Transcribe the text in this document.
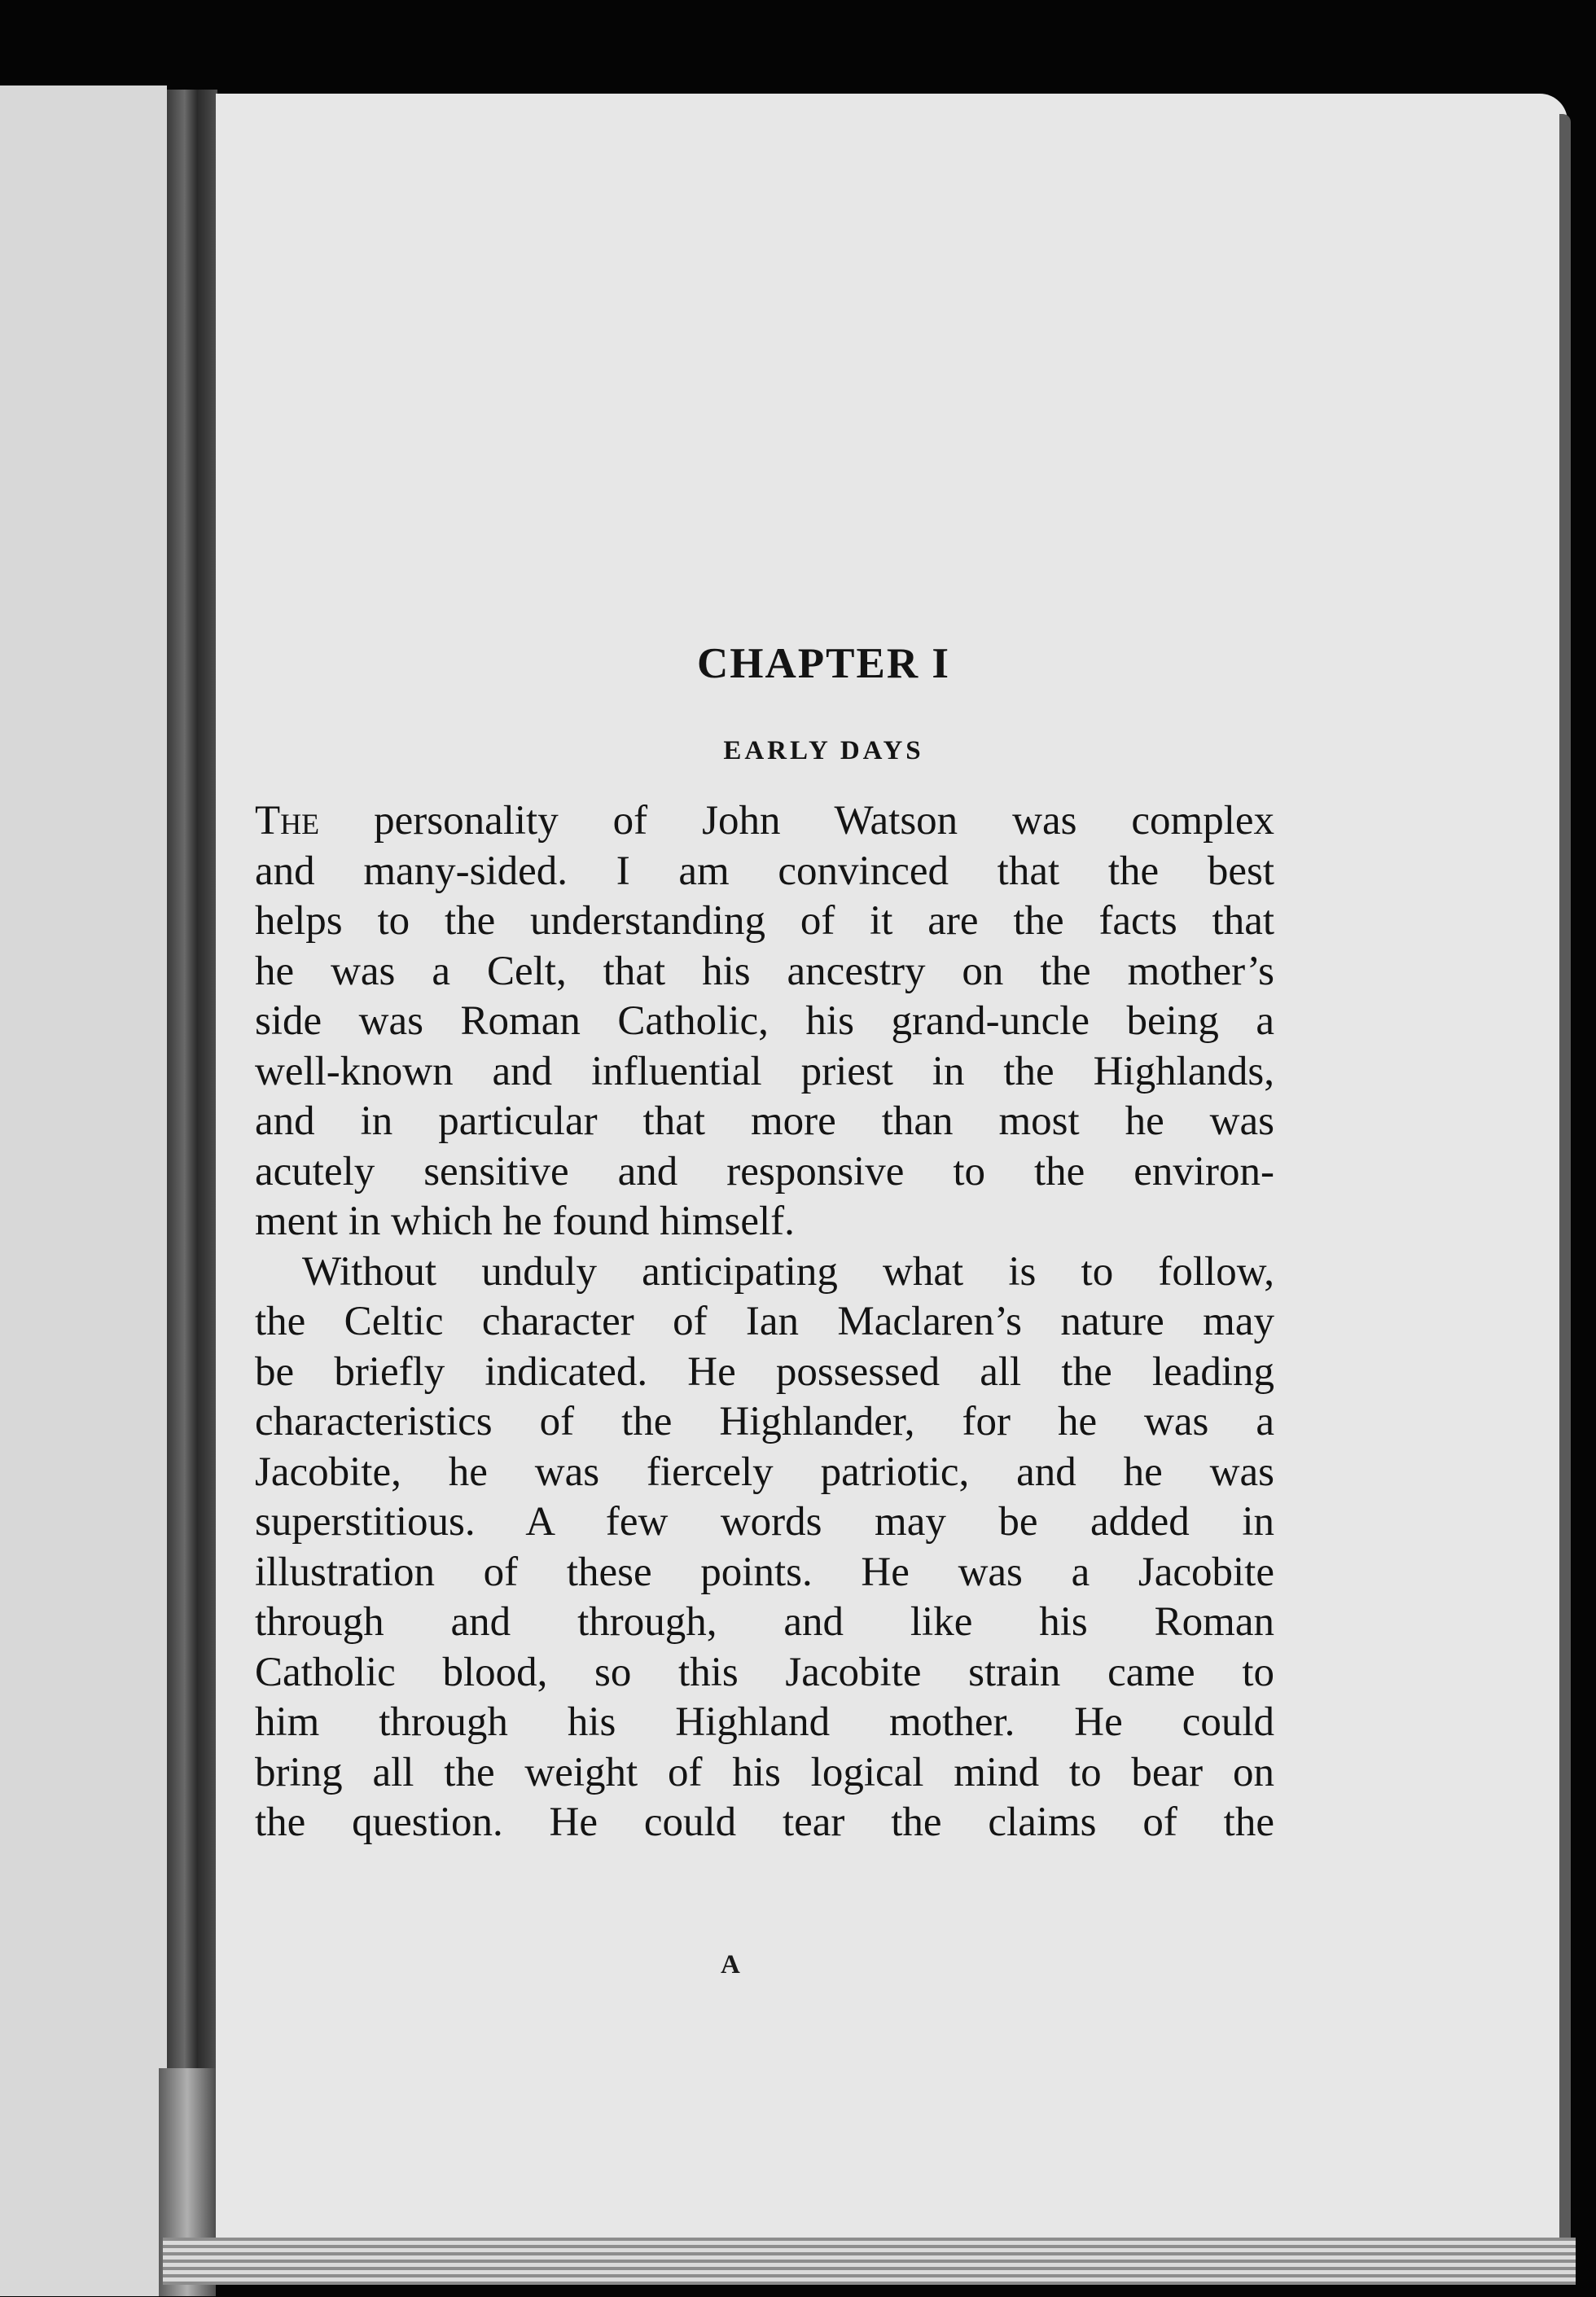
CHAPTER I
EARLY DAYS

The personality of John Watson was complex
and many-sided. I am convinced that the best
helps to the understanding of it are the facts that
he was a Celt, that his ancestry on the mother’s
side was Roman Catholic, his grand-uncle being a
well-known and influential priest in the Highlands,
and in particular that more than most he was
acutely sensitive and responsive to the environ-
ment in which he found himself.

Without unduly anticipating what is to follow,
the Celtic character of Ian Maclaren’s nature may
be briefly indicated. He possessed all the leading
characteristics of the Highlander, for he was a
Jacobite, he was fiercely patriotic, and he was
superstitious. A few words may be added in
illustration of these points. He was a Jacobite
through and through, and like his Roman
Catholic blood, so this Jacobite strain came to
him through his Highland mother. He could
bring all the weight of his logical mind to bear on
the question. He could tear the claims of the

A
